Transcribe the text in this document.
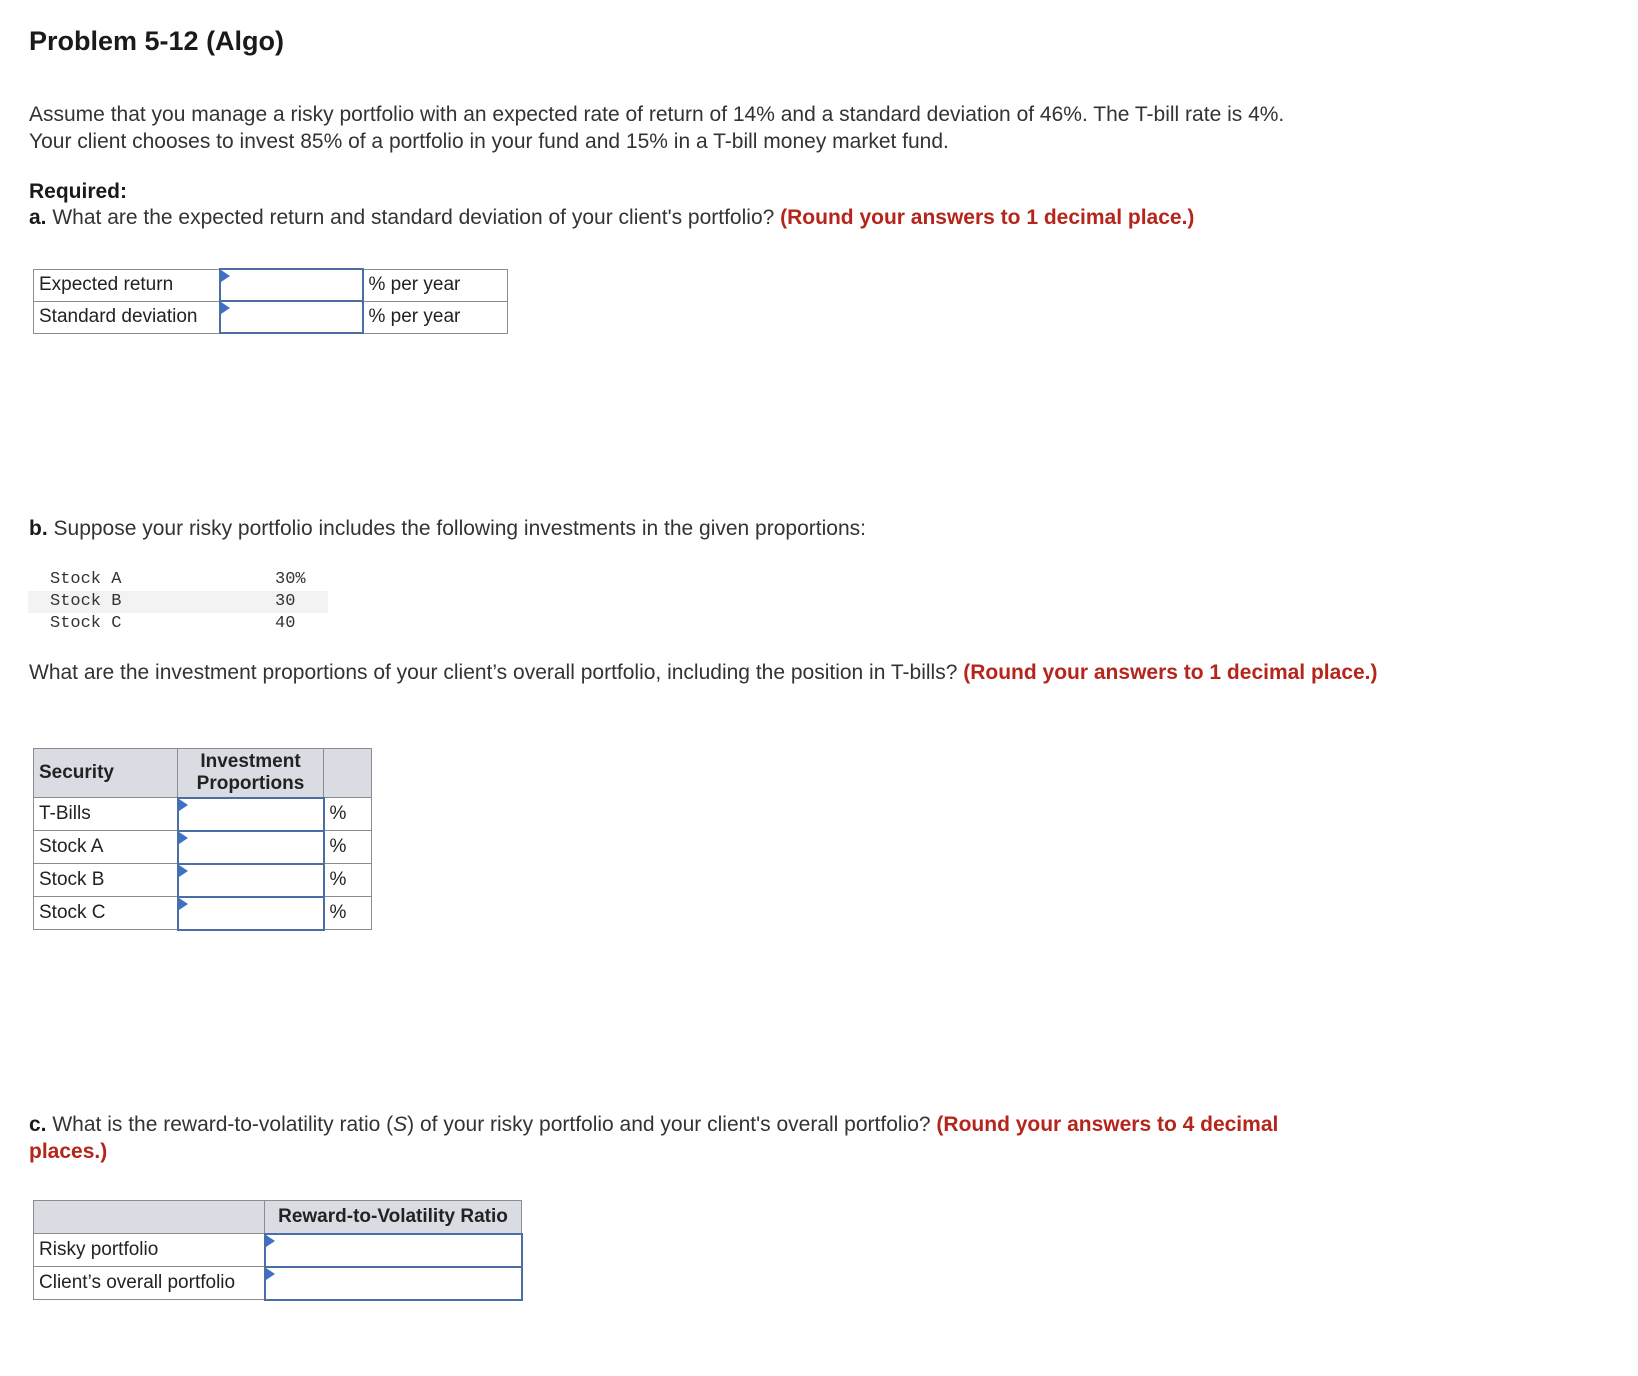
Problem 5-12 (Algo)

Assume that you manage a risky portfolio with an expected rate of return of 14% and a standard deviation of 46%. The T-bill rate is 4%.
Your client chooses to invest 85% of a portfolio in your fund and 15% in a T-bill money market fund.

Required:

a. What are the expected return and standard deviation of your client's portfolio? (Round your answers to 1 decimal place.)

Expected return		% per year
Standard deviation		% per year

b. Suppose your risky portfolio includes the following investments in the given proportions:

Stock A	30%
Stock B	30
Stock C	40

What are the investment proportions of your client’s overall portfolio, including the position in T-bills? (Round your answers to 1 decimal place.)

Security	Investment
Proportions	
T-Bills		%
Stock A		%
Stock B		%
Stock C		%

c. What is the reward-to-volatility ratio (S) of your risky portfolio and your client's overall portfolio? (Round your answers to 4 decimal
places.)

	Reward-to-Volatility Ratio
Risky portfolio	

Client’s overall portfolio	
